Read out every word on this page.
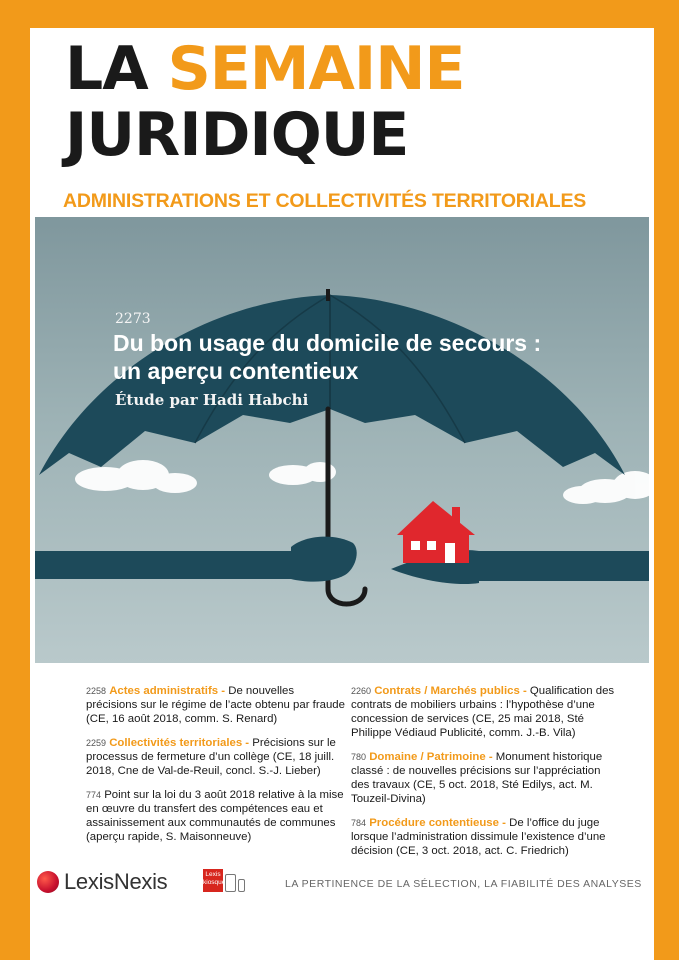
LA SEMAINE
JURIDIQUE
ADMINISTRATIONS ET COLLECTIVITÉS TERRITORIALES
2273
Du bon usage du domicile de secours :
un aperçu contentieux
Étude par Hadi Habchi
2258 Actes administratifs - De nouvelles précisions sur le régime de l’acte obtenu par fraude (CE, 16 août 2018, comm. S. Renard)
2259 Collectivités territoriales - Précisions sur le processus de fermeture d’un collège (CE, 18 juill. 2018, Cne de Val-de-Reuil, concl. S.-J. Lieber)
774 Point sur la loi du 3 août 2018 relative à la mise en œuvre du transfert des compétences eau et assainissement aux communautés de communes (aperçu rapide, S. Maisonneuve)
2260 Contrats / Marchés publics - Qualification des contrats de mobiliers urbains : l’hypothèse d’une concession de services (CE, 25 mai 2018, Sté Philippe Védiaud Publicité, comm. J.-B. Vila)
780 Domaine / Patrimoine - Monument historique classé : de nouvelles précisions sur l’appréciation des travaux (CE, 5 oct. 2018, Sté Edilys, act. M. Touzeil-Divina)
784 Procédure contentieuse - De l’office du juge lorsque l’administration dissimule l’existence d’une décision (CE, 3 oct. 2018, act. C. Friedrich)
LexisNexis	Lexis
kiosque	LA PERTINENCE DE LA SÉLECTION, LA FIABILITÉ DES ANALYSES
